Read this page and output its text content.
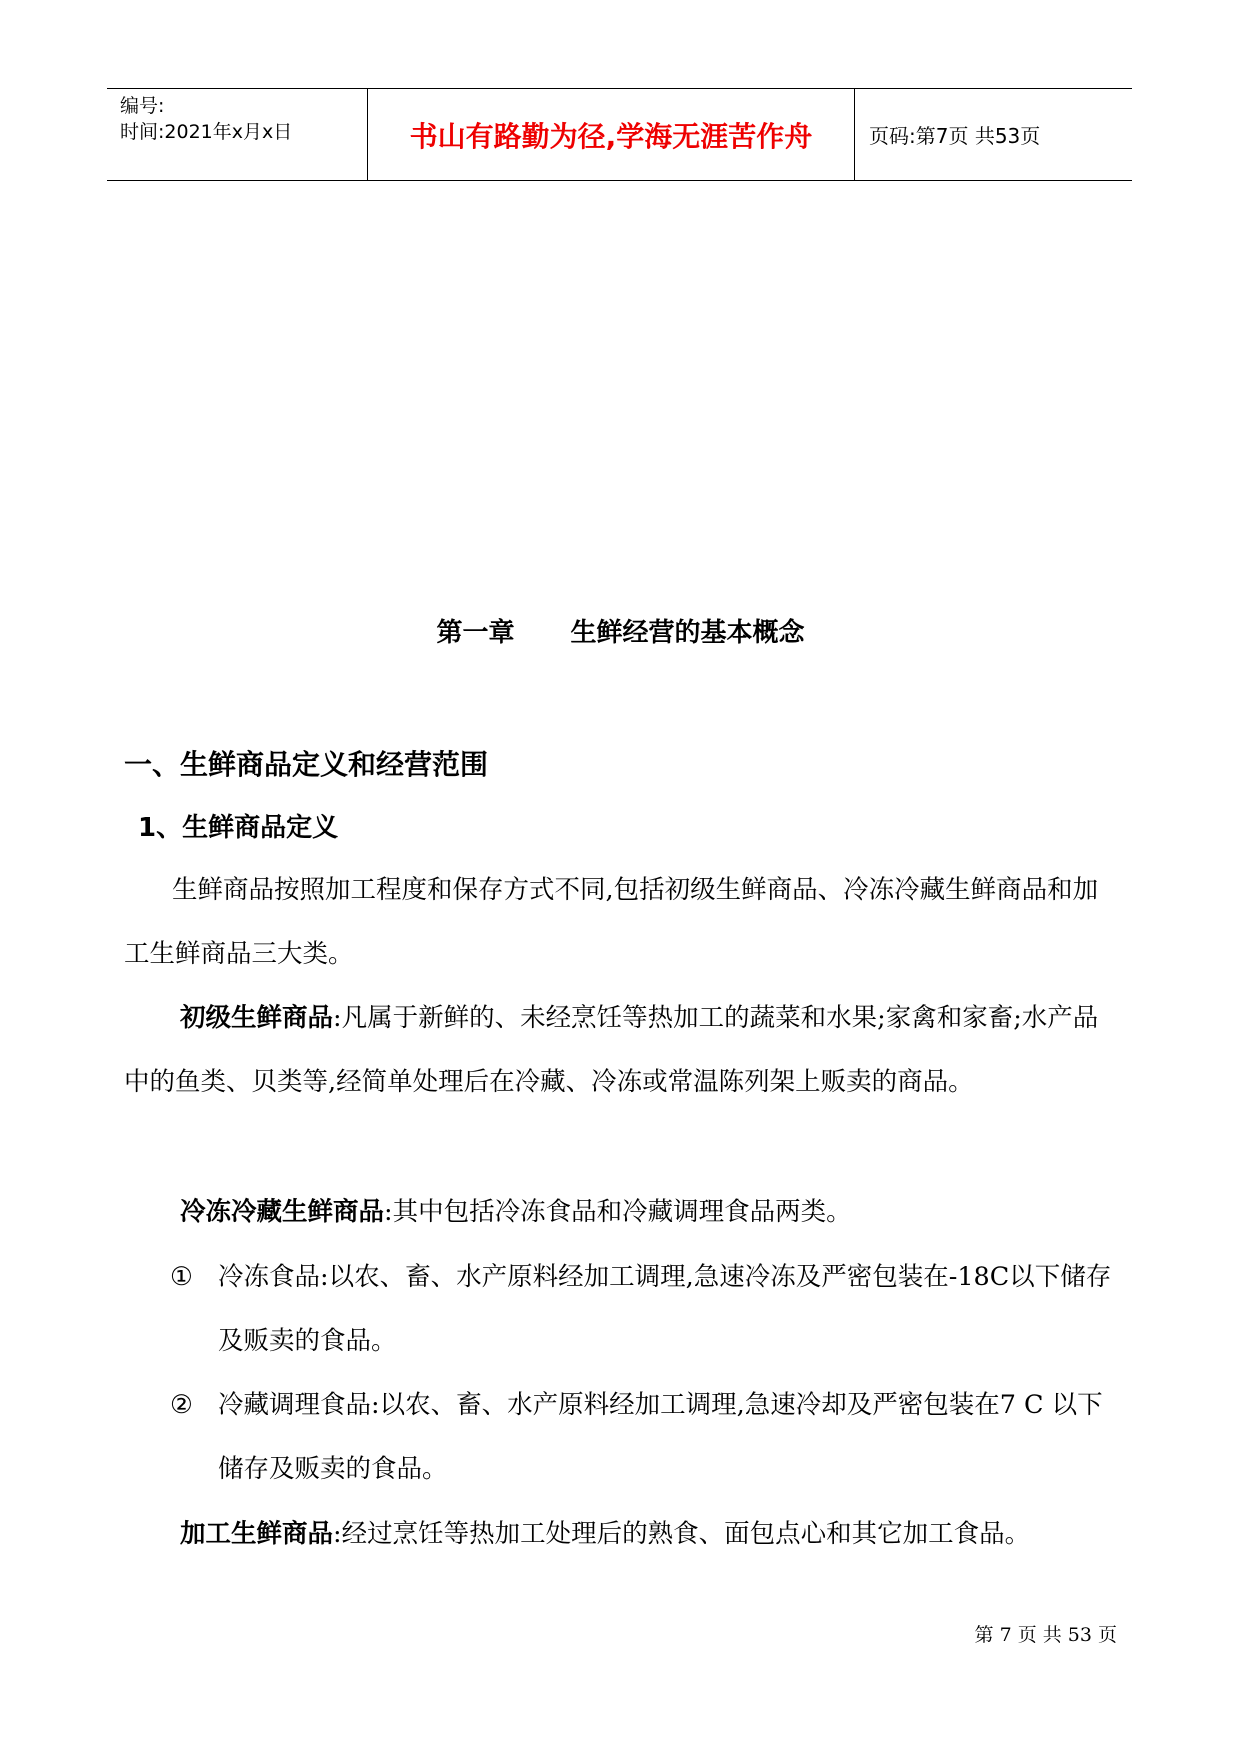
编号:
时间:2021年x月x日	书山有路勤为径,学海无涯苦作舟	页码:第7页 共53页
第一章 生鲜经营的基本概念
一、生鲜商品定义和经营范围
1、生鲜商品定义
生鲜商品按照加工程度和保存方式不同,包括初级生鲜商品、冷冻冷藏生鲜商品和加工生鲜商品三大类。
初级生鲜商品:凡属于新鲜的、未经烹饪等热加工的蔬菜和水果;家禽和家畜;水产品中的鱼类、贝类等,经简单处理后在冷藏、冷冻或常温陈列架上贩卖的商品。
冷冻冷藏生鲜商品:其中包括冷冻食品和冷藏调理食品两类。
① 冷冻食品:以农、畜、水产原料经加工调理,急速冷冻及严密包装在-18C以下储存及贩卖的食品。
② 冷藏调理食品:以农、畜、水产原料经加工调理,急速冷却及严密包装在7 C 以下储存及贩卖的食品。
加工生鲜商品:经过烹饪等热加工处理后的熟食、面包点心和其它加工食品。
第 7 页 共 53 页
